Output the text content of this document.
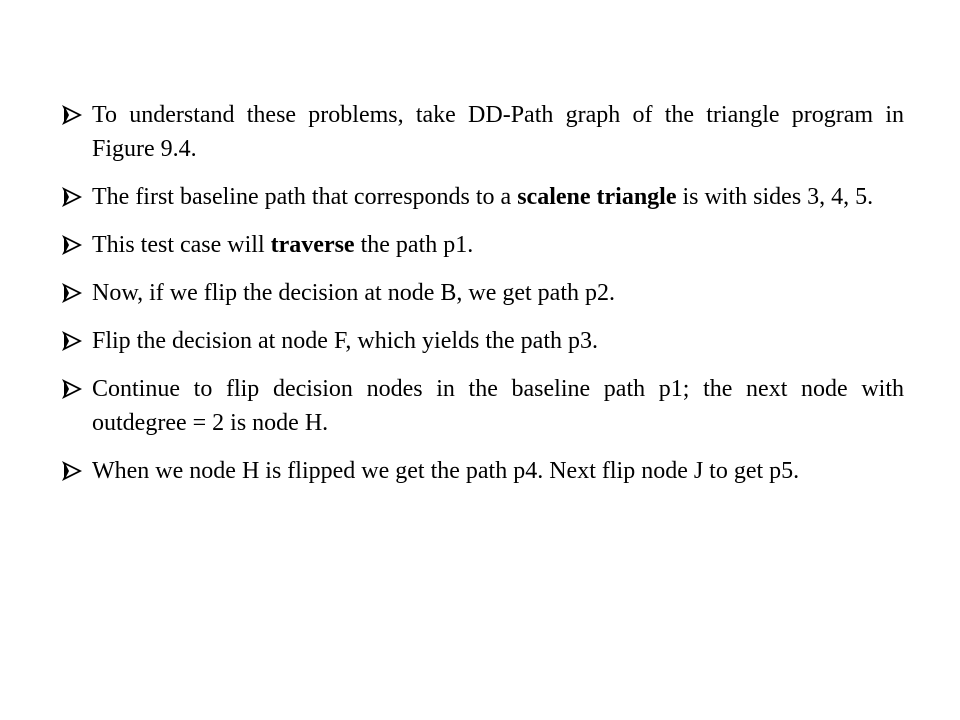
To understand these problems, take DD-Path graph of the triangle program in Figure 9.4.
The first baseline path that corresponds to a scalene triangle is with sides 3, 4, 5.
This test case will traverse the path p1.
Now, if we flip the decision at node B, we get path p2.
Flip the decision at node F, which yields the path p3.
Continue to flip decision nodes in the baseline path p1; the next node with outdegree = 2 is node H.
When we node H is flipped we get the path p4. Next flip node J to get p5.
